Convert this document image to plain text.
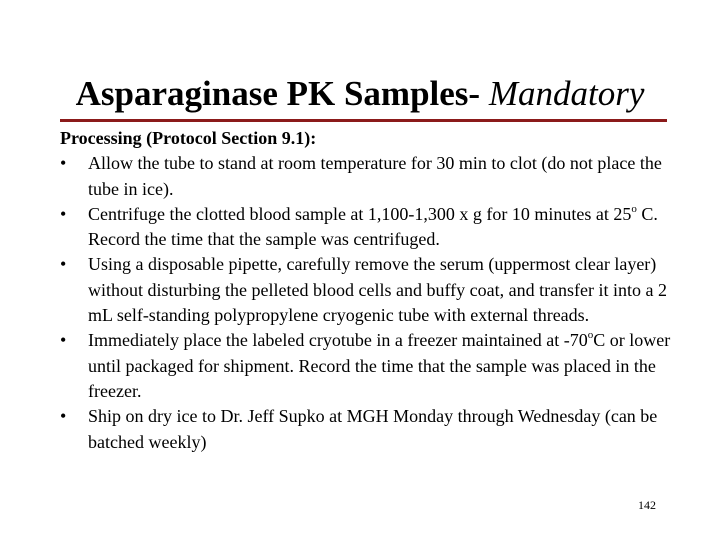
Asparaginase PK Samples- Mandatory
Processing (Protocol Section 9.1):
•	Allow the tube to stand at room temperature for 30 min to clot (do not place the tube in ice).
•	Centrifuge the clotted blood sample at 1,100-1,300 x g for 10 minutes at 25$^o$ C. Record the time that the sample was centrifuged.
•	Using a disposable pipette, carefully remove the serum (uppermost clear layer) without disturbing the pelleted blood cells and buffy coat, and transfer it into a 2 mL self-standing polypropylene cryogenic tube with external threads.
•	Immediately place the labeled cryotube in a freezer maintained at -70$^o$C or lower until packaged for shipment. Record the time that the sample was placed in the freezer.
•	Ship on dry ice to Dr. Jeff Supko at MGH Monday through Wednesday (can be batched weekly)
142
